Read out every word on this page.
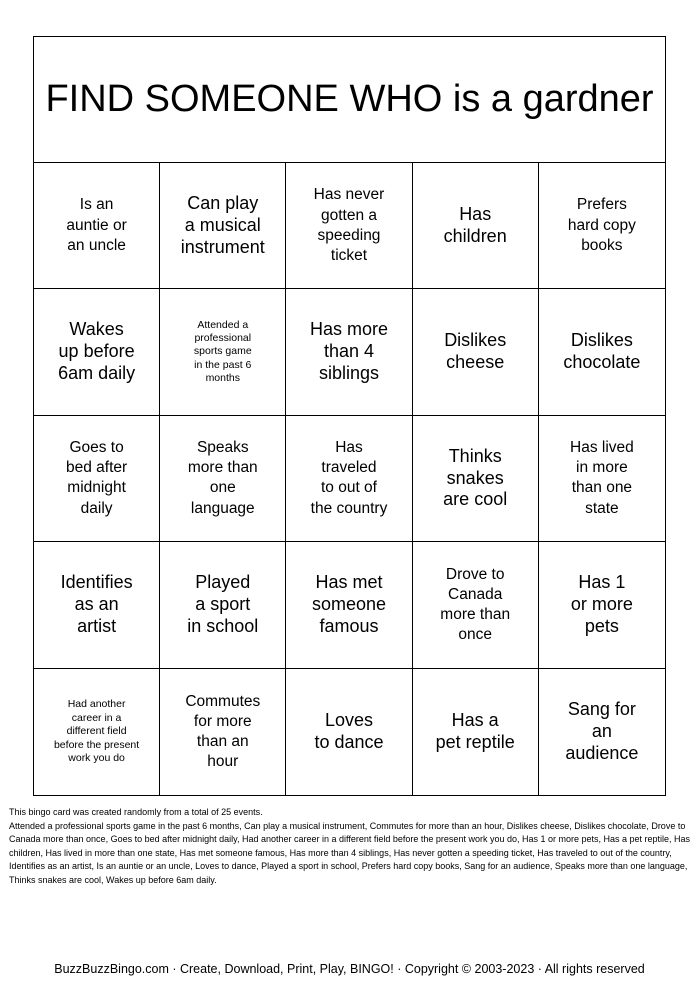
FIND SOMEONE WHO is a gardner
Is an
auntie or
an uncle
Can play
a musical
instrument
Has never
gotten a
speeding
ticket
Has
children
Prefers
hard copy
books
Wakes
up before
6am daily
Attended a
professional
sports game
in the past 6
months
Has more
than 4
siblings
Dislikes
cheese
Dislikes
chocolate
Goes to
bed after
midnight
daily
Speaks
more than
one
language
Has
traveled
to out of
the country
Thinks
snakes
are cool
Has lived
in more
than one
state
Identifies
as an
artist
Played
a sport
in school
Has met
someone
famous
Drove to
Canada
more than
once
Has 1
or more
pets
Had another
career in a
different field
before the present
work you do
Commutes
for more
than an
hour
Loves
to dance
Has a
pet reptile
Sang for
an
audience
This bingo card was created randomly from a total of 25 events.
Attended a professional sports game in the past 6 months, Can play a musical instrument, Commutes for more than an hour, Dislikes cheese, Dislikes chocolate, Drove to Canada more than once, Goes to bed after midnight daily, Had another career in a different field before the present work you do, Has 1 or more pets, Has a pet reptile, Has children, Has lived in more than one state, Has met someone famous, Has more than 4 siblings, Has never gotten a speeding ticket, Has traveled to out of the country, Identifies as an artist, Is an auntie or an uncle, Loves to dance, Played a sport in school, Prefers hard copy books, Sang for an audience, Speaks more than one language, Thinks snakes are cool, Wakes up before 6am daily.
BuzzBuzzBingo.com · Create, Download, Print, Play, BINGO! · Copyright © 2003-2023 · All rights reserved
